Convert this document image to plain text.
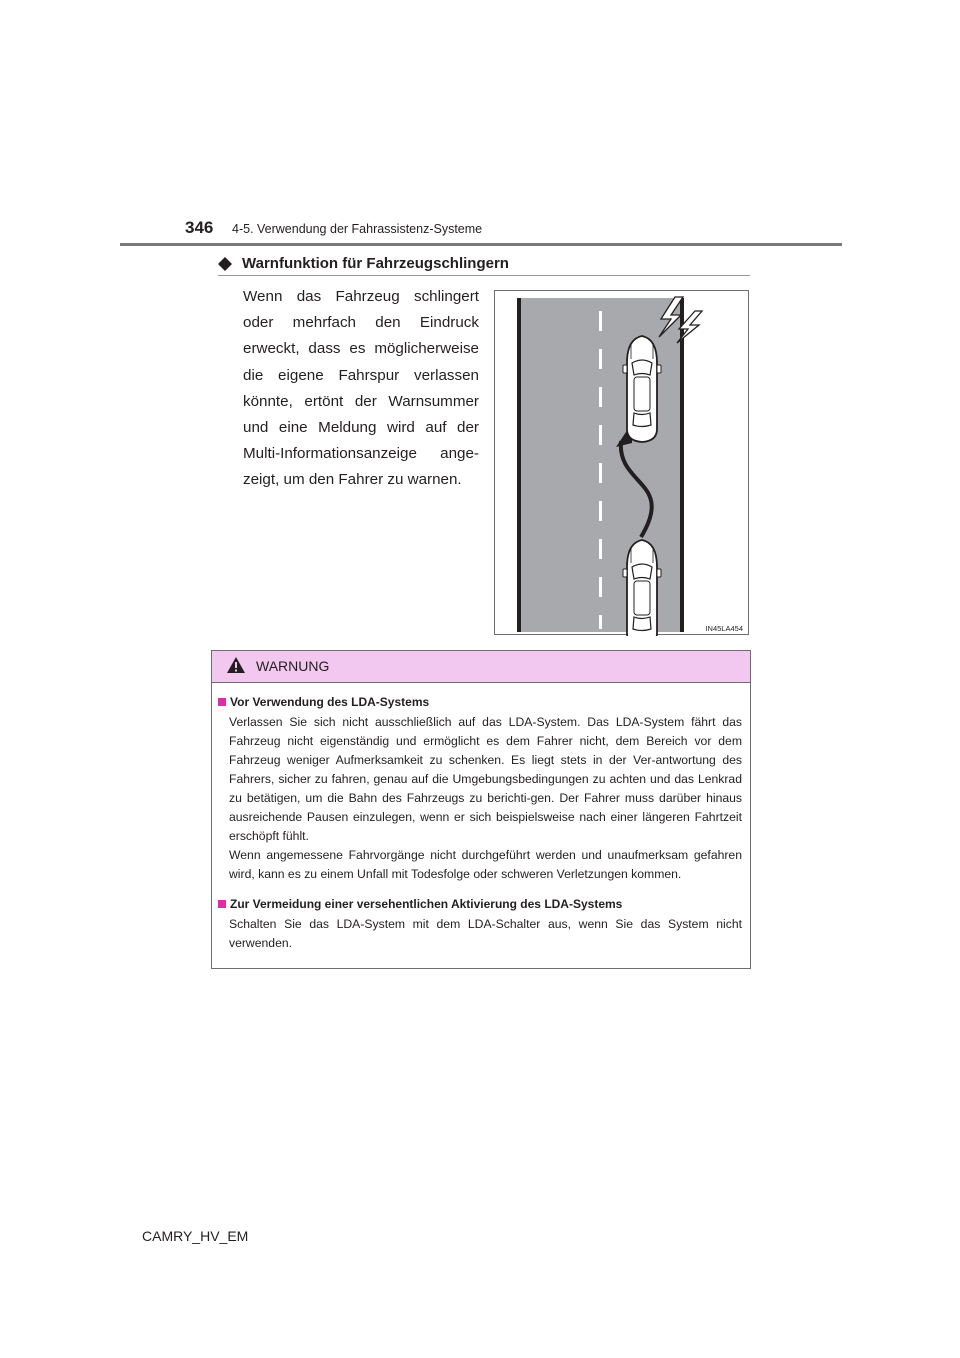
346 4-5. Verwendung der Fahrassistenz-Systeme
Warnfunktion für Fahrzeugschlingern
Wenn das Fahrzeug schlingert oder mehrfach den Eindruck erweckt, dass es möglicherweise die eigene Fahrspur verlassen könnte, ertönt der Warnsummer und eine Meldung wird auf der Multi-Informationsanzeige ange-zeigt, um den Fahrer zu warnen.
IN45LA454
WARNUNG
Vor Verwendung des LDA-Systems
Verlassen Sie sich nicht ausschließlich auf das LDA-System. Das LDA-System fährt das Fahrzeug nicht eigenständig und ermöglicht es dem Fahrer nicht, dem Bereich vor dem Fahrzeug weniger Aufmerksamkeit zu schenken. Es liegt stets in der Ver-antwortung des Fahrers, sicher zu fahren, genau auf die Umgebungsbedingungen zu achten und das Lenkrad zu betätigen, um die Bahn des Fahrzeugs zu berichti-gen. Der Fahrer muss darüber hinaus ausreichende Pausen einzulegen, wenn er sich beispielsweise nach einer längeren Fahrtzeit erschöpft fühlt.
Wenn angemessene Fahrvorgänge nicht durchgeführt werden und unaufmerksam gefahren wird, kann es zu einem Unfall mit Todesfolge oder schweren Verletzungen kommen.
Zur Vermeidung einer versehentlichen Aktivierung des LDA-Systems
Schalten Sie das LDA-System mit dem LDA-Schalter aus, wenn Sie das System nicht verwenden.
CAMRY_HV_EM
